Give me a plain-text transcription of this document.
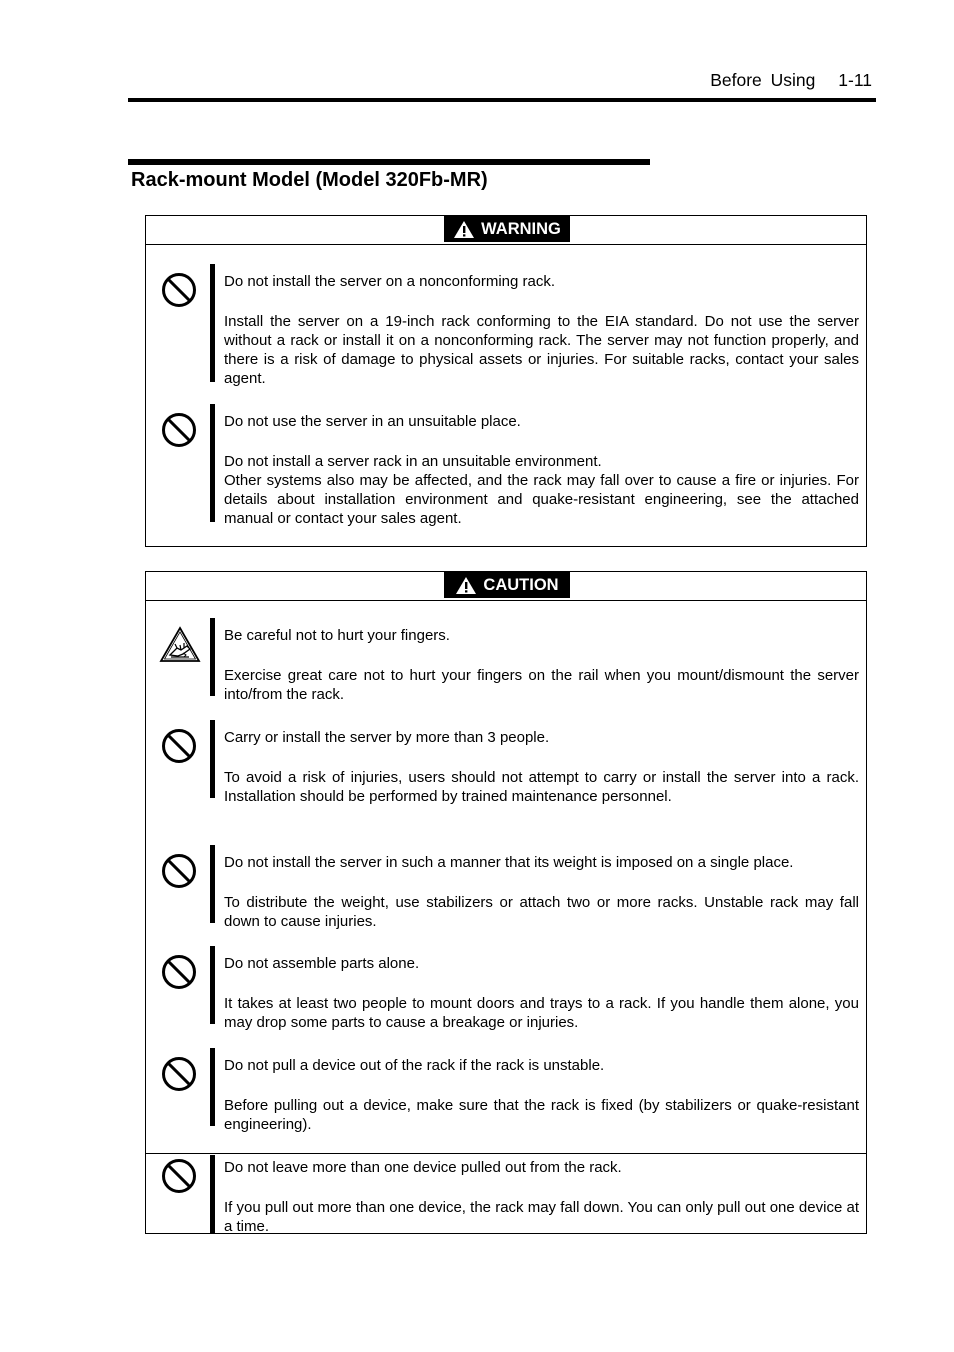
Before Using 1-11
Rack-mount Model (Model 320Fb-MR)
WARNING

Do not install the server on a nonconforming rack.

Install the server on a 19-inch rack conforming to the EIA standard. Do not use the server without a rack or install it on a nonconforming rack. The server may not function properly, and there is a risk of damage to physical assets or injuries. For suitable racks, contact your sales agent.

Do not use the server in an unsuitable place.

Do not install a server rack in an unsuitable environment.

Other systems also may be affected, and the rack may fall over to cause a fire or injuries. For details about installation environment and quake-resistant engineering, see the attached manual or contact your sales agent.

CAUTION

Be careful not to hurt your fingers.

Exercise great care not to hurt your fingers on the rail when you mount/dismount the server into/from the rack.

Carry or install the server by more than 3 people.

To avoid a risk of injuries, users should not attempt to carry or install the server into a rack. Installation should be performed by trained maintenance personnel.

Do not install the server in such a manner that its weight is imposed on a single place.

To distribute the weight, use stabilizers or attach two or more racks. Unstable rack may fall down to cause injuries.

Do not assemble parts alone.

It takes at least two people to mount doors and trays to a rack. If you handle them alone, you may drop some parts to cause a breakage or injuries.

Do not pull a device out of the rack if the rack is unstable.

Before pulling out a device, make sure that the rack is fixed (by stabilizers or quake-resistant engineering).

Do not leave more than one device pulled out from the rack.

If you pull out more than one device, the rack may fall down. You can only pull out one device at a time.
